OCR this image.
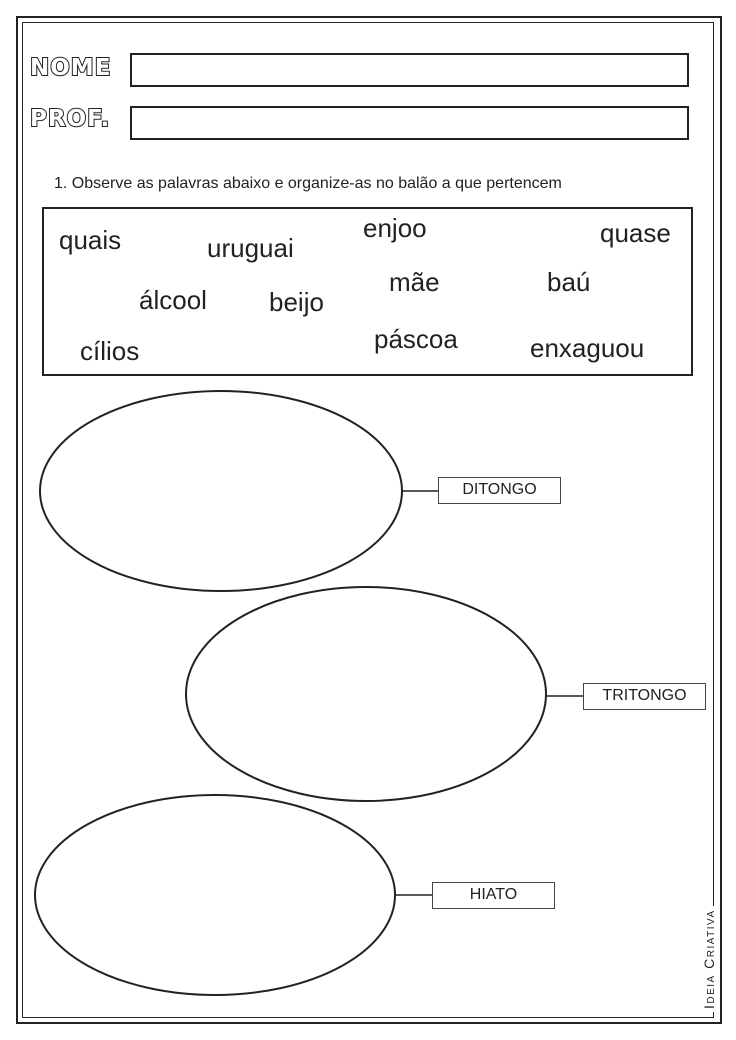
NOME
PROF.
1. Observe as palavras abaixo e organize-as no balão a que pertencem
quais	uruguai
enjoo	quase
álcool beijo
mãe	baú
cílios	páscoa	enxaguou
DITONGO
TRITONGO
HIATO
Ideia Criativa
